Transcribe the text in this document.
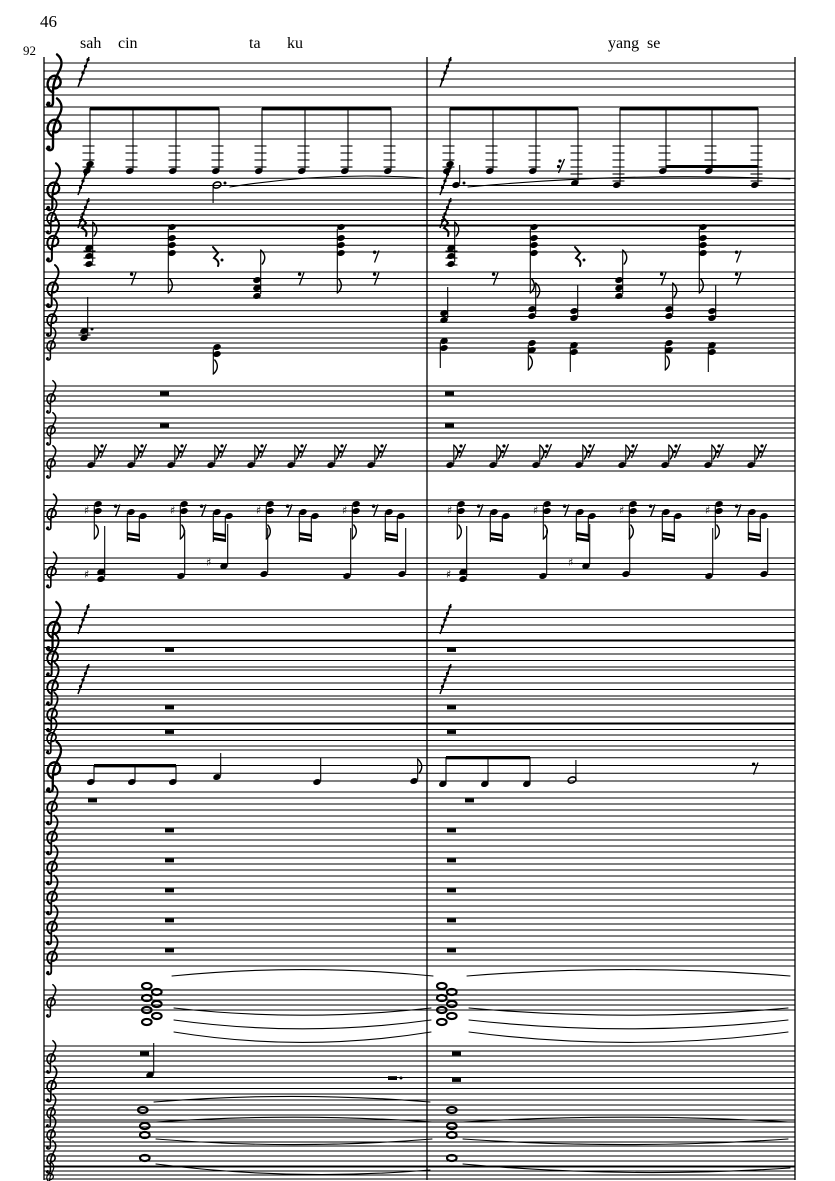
46
92	sah cin	ta ku	yang se
♯	♯	♯	♯	♯	♯	♯	♯
♯
♯
♯
♯
